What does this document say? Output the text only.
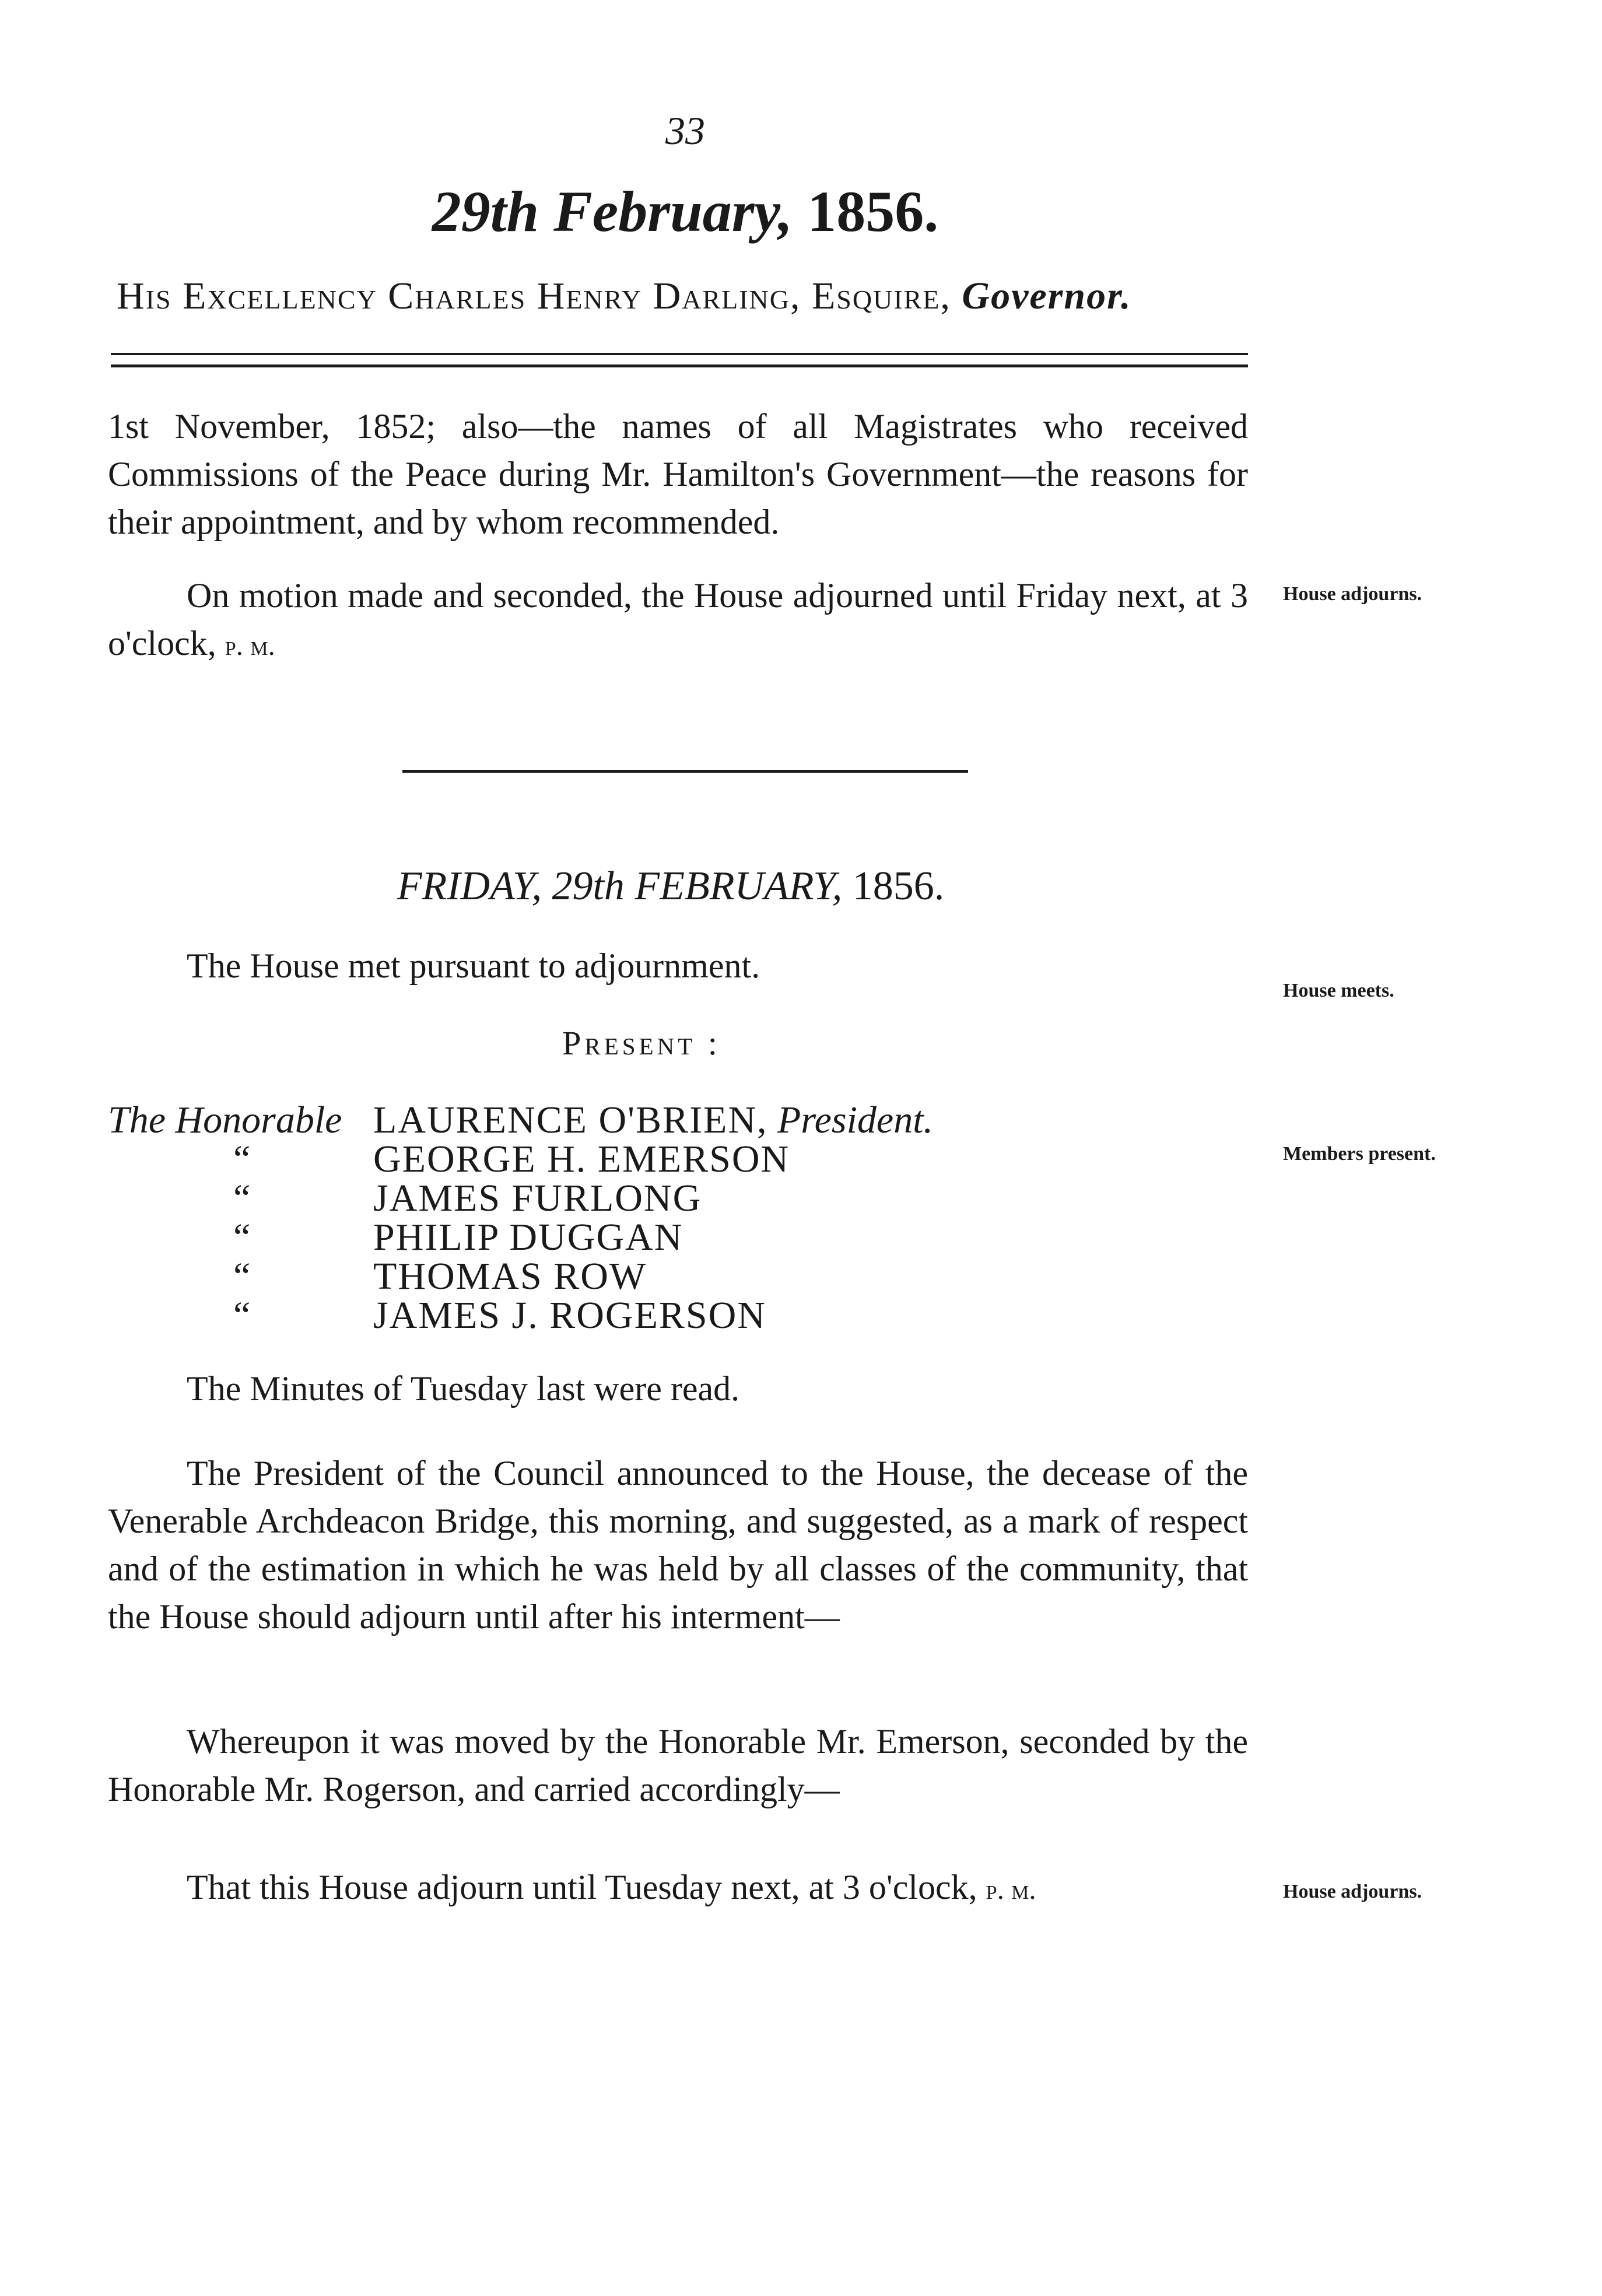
33
29th February, 1856.
His Excellency Charles Henry Darling, Esquire, Governor.
1st November, 1852; also—the names of all Magistrates who received Commissions of the Peace during Mr. Hamilton's Government—the reasons for their appointment, and by whom recommended.
On motion made and seconded, the House adjourned until Friday next, at 3 o'clock, p. m.
House adjourns.
FRIDAY, 29th FEBRUARY, 1856.
The House met pursuant to adjournment.
House meets.
Present :
The Honorable LAURENCE O'BRIEN, President.
“	GEORGE H. EMERSON	Members present.
“	JAMES FURLONG
“	PHILIP DUGGAN
“	THOMAS ROW
“	JAMES J. ROGERSON
The Minutes of Tuesday last were read.
The President of the Council announced to the House, the decease of the Venerable Archdeacon Bridge, this morning, and suggested, as a mark of respect and of the estimation in which he was held by all classes of the community, that the House should adjourn until after his interment—
Whereupon it was moved by the Honorable Mr. Emerson, seconded by the Honorable Mr. Rogerson, and carried accordingly—
That this House adjourn until Tuesday next, at 3 o'clock, p. m.	House adjourns.
